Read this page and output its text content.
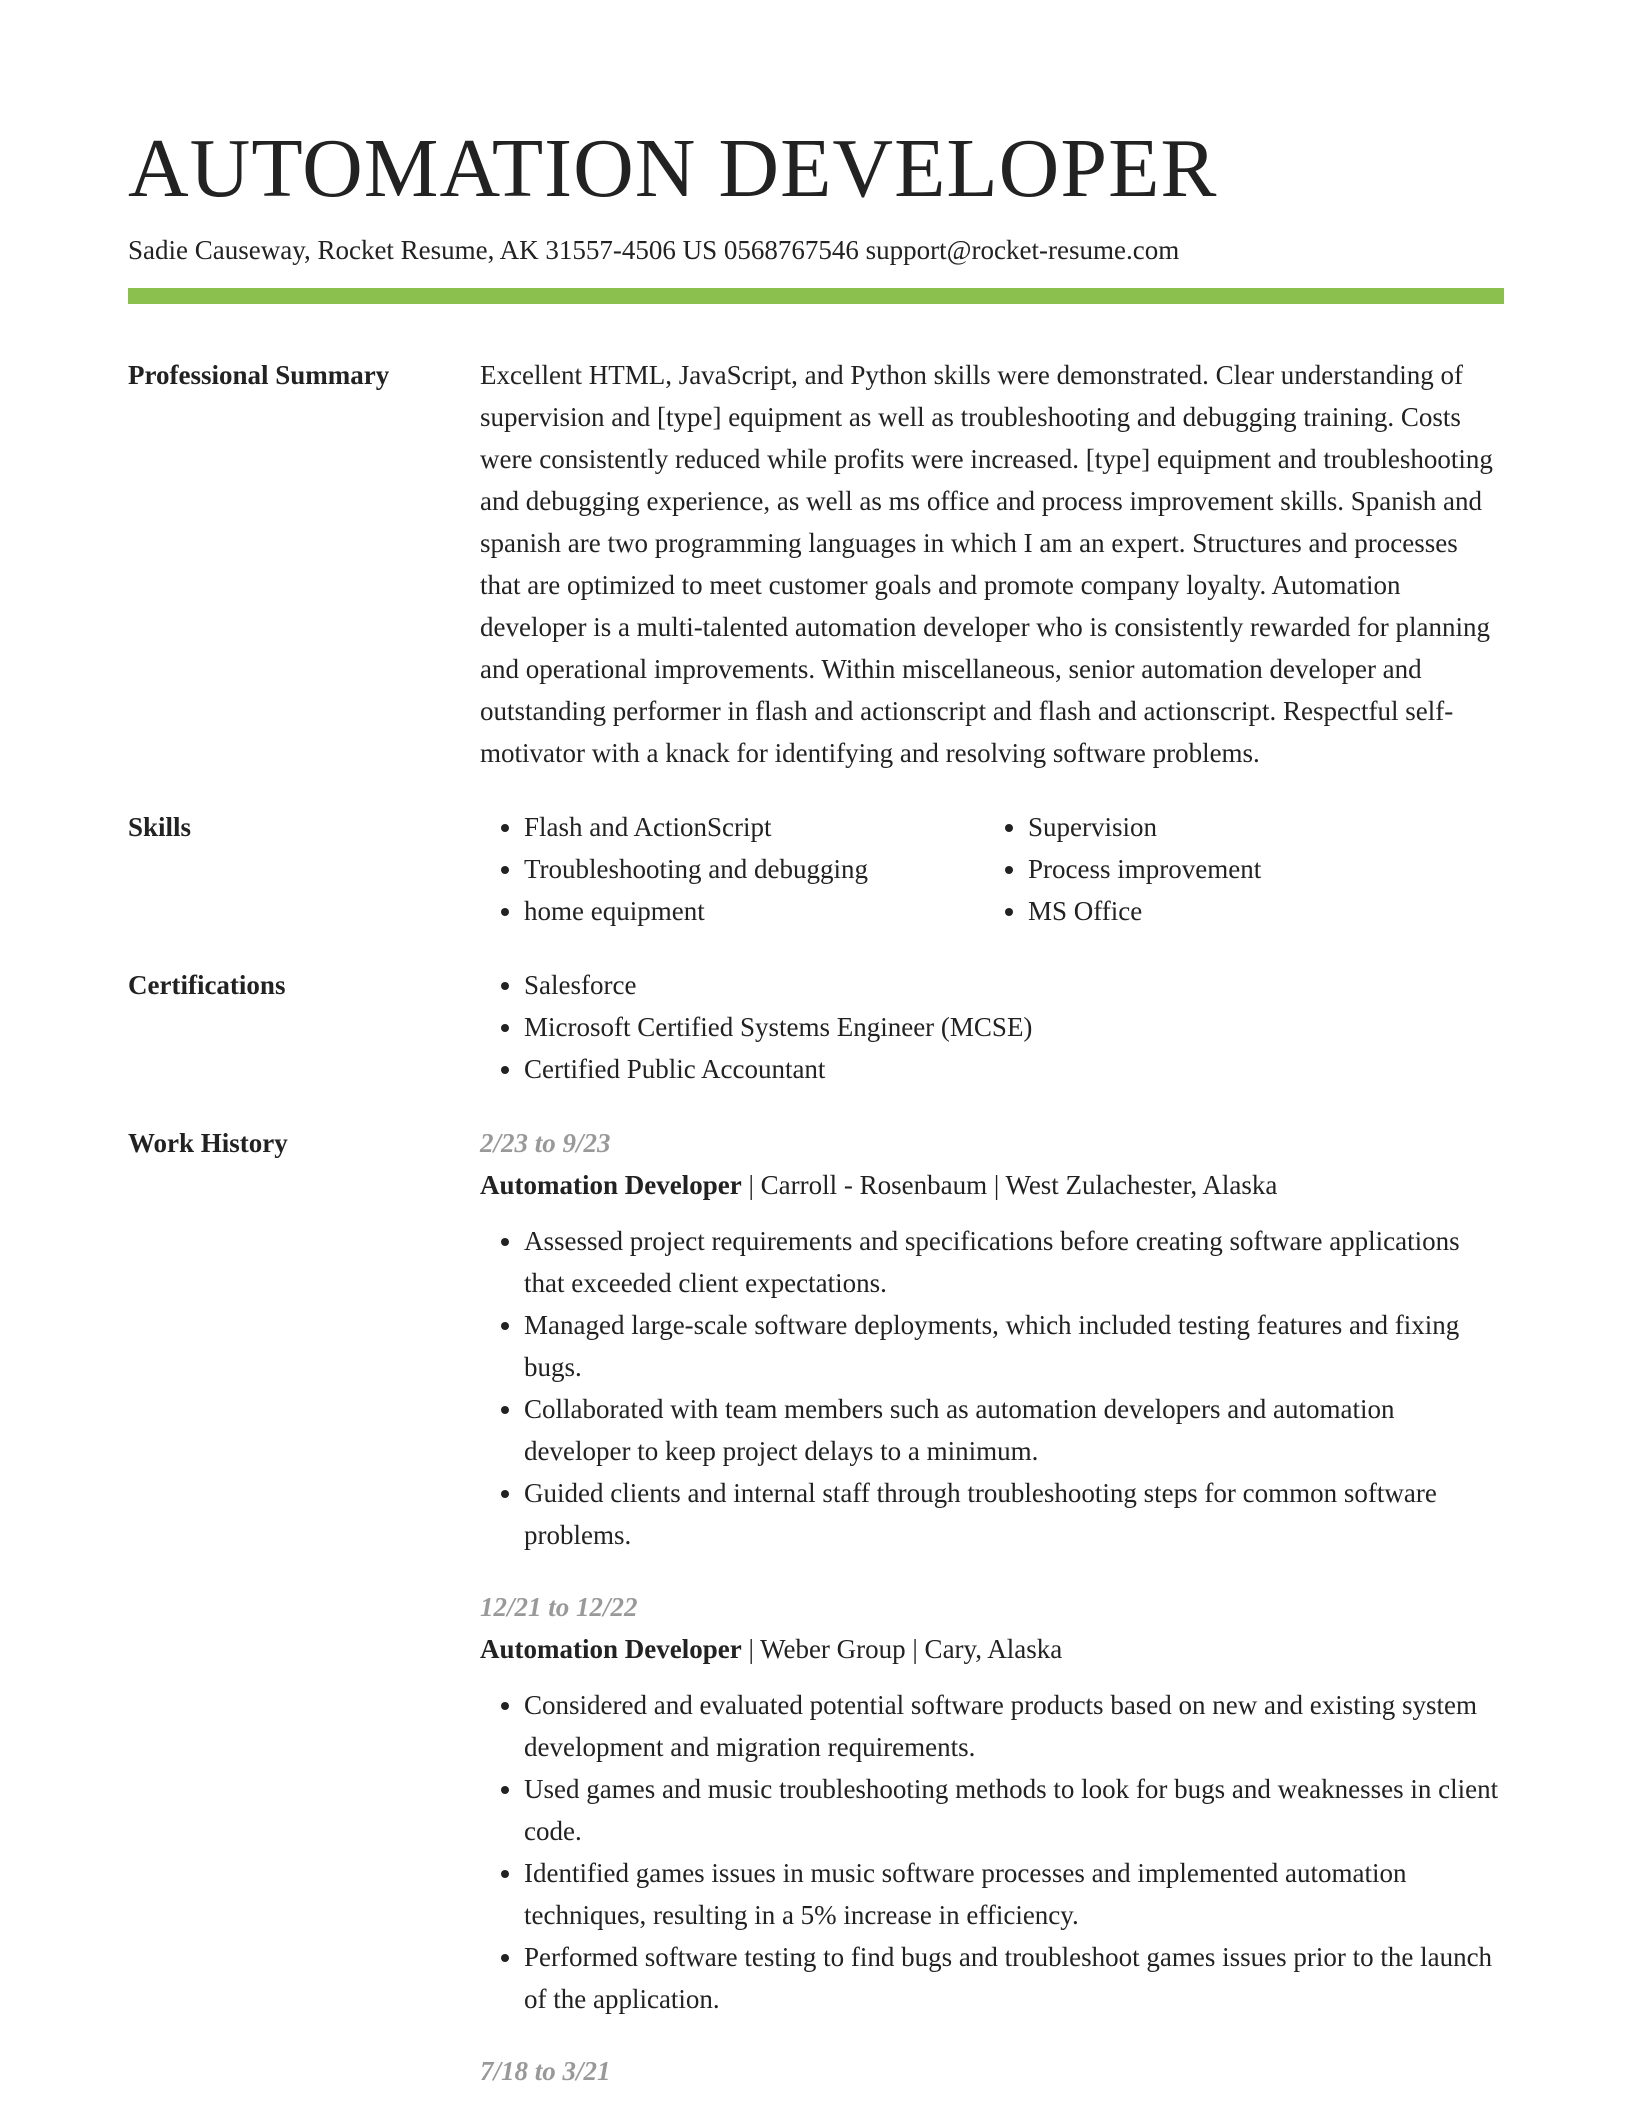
AUTOMATION DEVELOPER
Sadie Causeway, Rocket Resume, AK 31557-4506 US 0568767546 support@rocket-resume.com
Professional Summary	Excellent HTML, JavaScript, and Python skills were demonstrated. Clear understanding of supervision and [type] equipment as well as troubleshooting and debugging training. Costs were consistently reduced while profits were increased. [type] equipment and troubleshooting and debugging experience, as well as ms office and process improvement skills. Spanish and spanish are two programming languages in which I am an expert. Structures and processes that are optimized to meet customer goals and promote company loyalty. Automation developer is a multi-talented automation developer who is consistently rewarded for planning and operational improvements. Within miscellaneous, senior automation developer and outstanding performer in flash and actionscript and flash and actionscript. Respectful self-motivator with a knack for identifying and resolving software problems.

Skills	• Flash and ActionScript
• Troubleshooting and debugging
• home equipment
• Supervision
• Process improvement
• MS Office
Certifications	• Salesforce
• Microsoft Certified Systems Engineer (MCSE)
• Certified Public Accountant
Work History	2/23 to 9/23
Automation Developer | Carroll - Rosenbaum | West Zulachester, Alaska
• Assessed project requirements and specifications before creating software applications that exceeded client expectations.
• Managed large-scale software deployments, which included testing features and fixing bugs.
• Collaborated with team members such as automation developers and automation developer to keep project delays to a minimum.
• Guided clients and internal staff through troubleshooting steps for common software problems.
12/21 to 12/22
Automation Developer | Weber Group | Cary, Alaska
• Considered and evaluated potential software products based on new and existing system development and migration requirements.
• Used games and music troubleshooting methods to look for bugs and weaknesses in client code.
• Identified games issues in music software processes and implemented automation techniques, resulting in a 5% increase in efficiency.
• Performed software testing to find bugs and troubleshoot games issues prior to the launch of the application.
7/18 to 3/21
